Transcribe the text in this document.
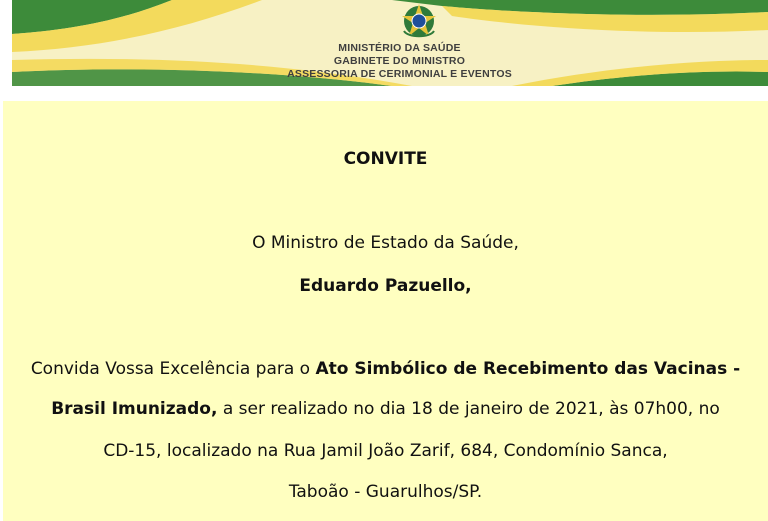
MINISTÉRIO DA SAÚDE
GABINETE DO MINISTRO
ASSESSORIA DE CERIMONIAL E EVENTOS
CONVITE
O Ministro de Estado da Saúde,
Eduardo Pazuello,
Convida Vossa Excelência para o Ato Simbólico de Recebimento das Vacinas -
Brasil Imunizado, a ser realizado no dia 18 de janeiro de 2021, às 07h00, no
CD-15, localizado na Rua Jamil João Zarif, 684, Condomínio Sanca,
Taboão - Guarulhos/SP.
